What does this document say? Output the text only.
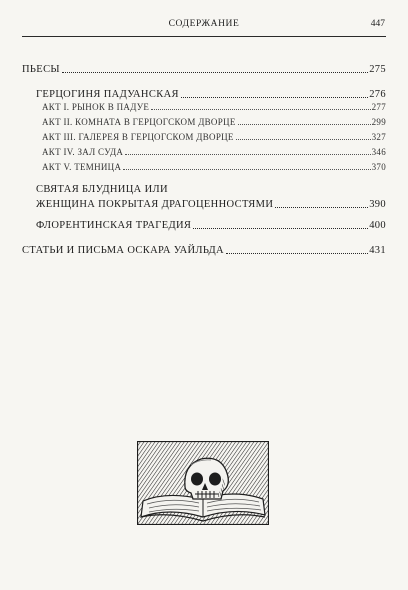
СОДЕРЖАНИЕ	447
ПЬЕСЫ	275
ГЕРЦОГИНЯ ПАДУАНСКАЯ	276
АКТ I. РЫНОК В ПАДУЕ	277
АКТ II. КОМНАТА В ГЕРЦОГСКОМ ДВОРЦЕ	299
АКТ III. ГАЛЕРЕЯ В ГЕРЦОГСКОМ ДВОРЦЕ	327
АКТ IV. ЗАЛ СУДА	346
АКТ V. ТЕМНИЦА	370
СВЯТАЯ БЛУДНИЦА ИЛИ
ЖЕНЩИНА ПОКРЫТАЯ ДРАГОЦЕННОСТЯМИ	390
ФЛОРЕНТИНСКАЯ ТРАГЕДИЯ	400
СТАТЬИ И ПИСЬМА ОСКАРА УАЙЛЬДА	431
